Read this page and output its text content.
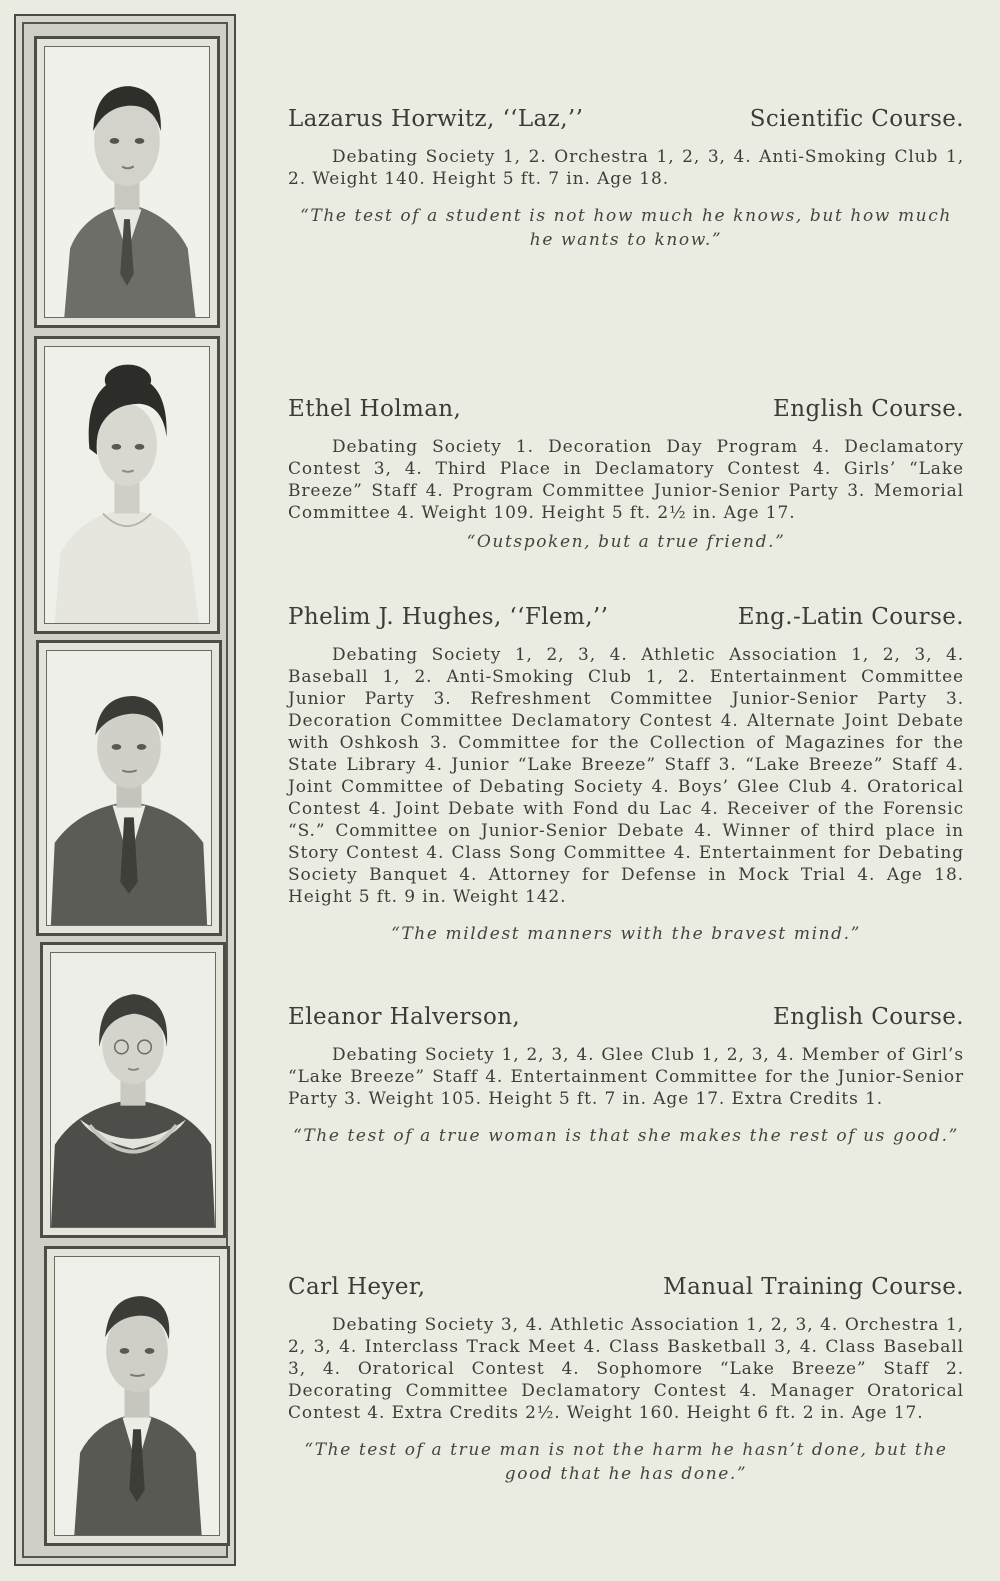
Lazarus Horwitz, ‘‘Laz,’’	Scientific Course.

Debating Society 1, 2. Orchestra 1, 2, 3, 4. Anti-Smoking Club 1, 2. Weight 140. Height 5 ft. 7 in. Age 18.

“The test of a student is not how much he knows, but how much he wants to know.”

Ethel Holman,	English Course.

Debating Society 1. Decoration Day Program 4. Declamatory Contest 3, 4. Third Place in Declamatory Contest 4. Girls’ “Lake Breeze” Staff 4. Program Committee Junior-Senior Party 3. Memorial Committee 4. Weight 109. Height 5 ft. 2½ in. Age 17.

“Outspoken, but a true friend.”

Phelim J. Hughes, ‘‘Flem,’’	Eng.-Latin Course.

Debating Society 1, 2, 3, 4. Athletic Association 1, 2, 3, 4. Baseball 1, 2. Anti-Smoking Club 1, 2. Entertainment Committee Junior Party 3. Refreshment Committee Junior-Senior Party 3. Decoration Committee Declamatory Contest 4. Alternate Joint Debate with Oshkosh 3. Committee for the Collection of Magazines for the State Library 4. Junior “Lake Breeze” Staff 3. “Lake Breeze” Staff 4. Joint Committee of Debating Society 4. Boys’ Glee Club 4. Oratorical Contest 4. Joint Debate with Fond du Lac 4. Receiver of the Forensic “S.” Committee on Junior-Senior Debate 4. Winner of third place in Story Contest 4. Class Song Committee 4. Entertainment for Debating Society Banquet 4. Attorney for Defense in Mock Trial 4. Age 18. Height 5 ft. 9 in. Weight 142.

“The mildest manners with the bravest mind.”

Eleanor Halverson,	English Course.

Debating Society 1, 2, 3, 4. Glee Club 1, 2, 3, 4. Member of Girl’s “Lake Breeze” Staff 4. Entertainment Committee for the Junior-Senior Party 3. Weight 105. Height 5 ft. 7 in. Age 17. Extra Credits 1.

“The test of a true woman is that she makes the rest of us good.”

Carl Heyer,	Manual Training Course.

Debating Society 3, 4. Athletic Association 1, 2, 3, 4. Orchestra 1, 2, 3, 4. Interclass Track Meet 4. Class Basketball 3, 4. Class Baseball 3, 4. Oratorical Contest 4. Sophomore “Lake Breeze” Staff 2. Decorating Committee Declamatory Contest 4. Manager Oratorical Contest 4. Extra Credits 2½. Weight 160. Height 6 ft. 2 in. Age 17.

“The test of a true man is not the harm he hasn’t done, but the good that he has done.”
